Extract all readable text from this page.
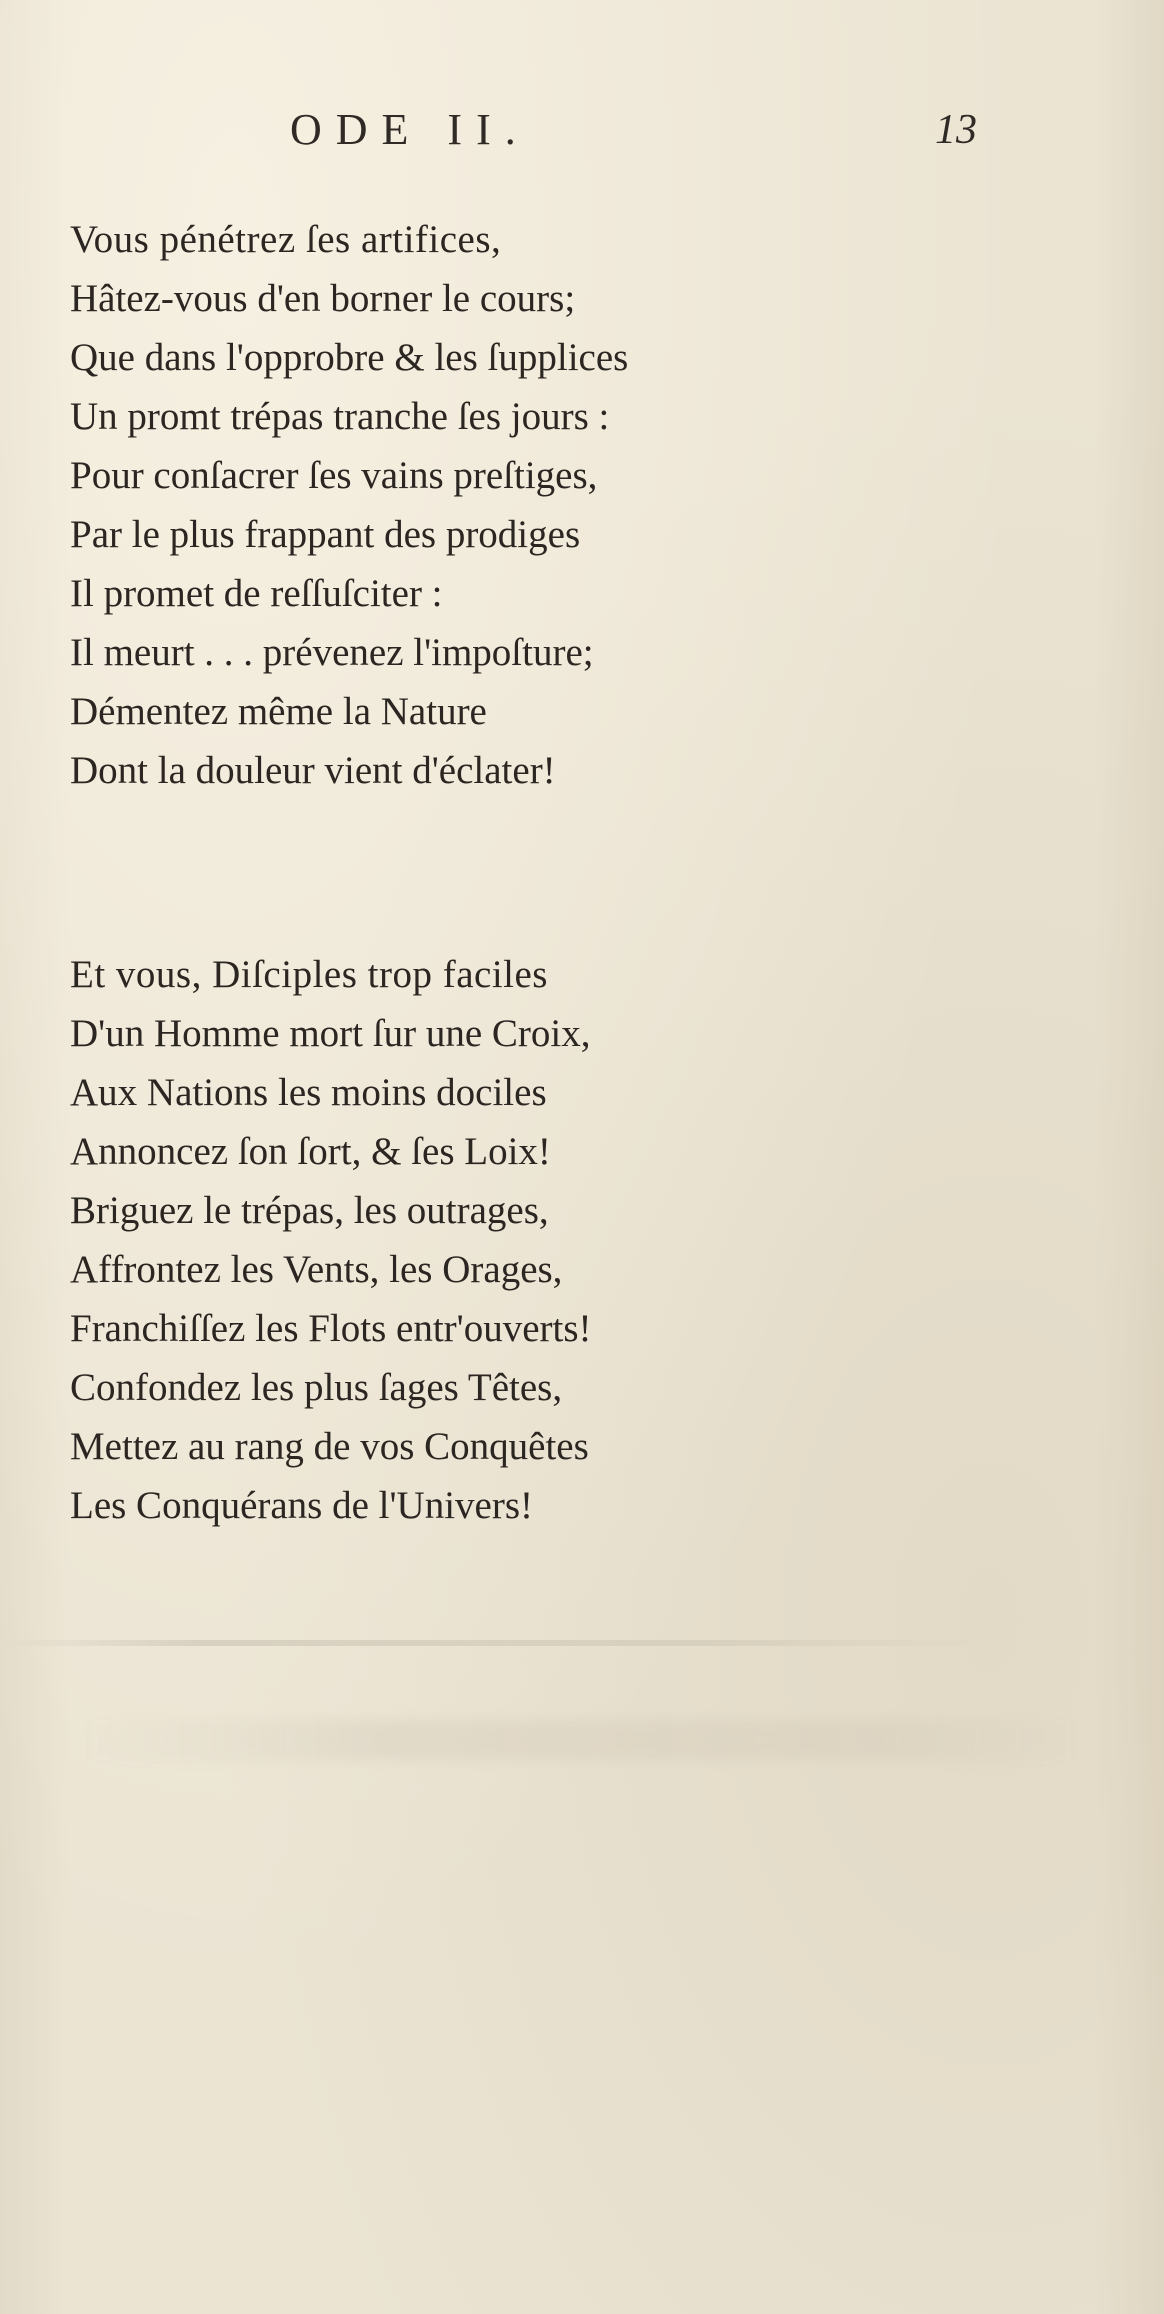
ODE II.	13
Vous pénétrez ſes artifices,
Hâtez-vous d'en borner le cours;
Que dans l'opprobre & les ſupplices
Un promt trépas tranche ſes jours :
Pour conſacrer ſes vains preſtiges,
Par le plus frappant des prodiges
Il promet de reſſuſciter :
Il meurt . . . prévenez l'impoſture;
Démentez même la Nature
Dont la douleur vient d'éclater!
Et vous, Diſciples trop faciles
D'un Homme mort ſur une Croix,
Aux Nations les moins dociles
Annoncez ſon ſort, & ſes Loix!
Briguez le trépas, les outrages,
Affrontez les Vents, les Orages,
Franchiſſez les Flots entr'ouverts!
Confondez les plus ſages Têtes,
Mettez au rang de vos Conquêtes
Les Conquérans de l'Univers!
